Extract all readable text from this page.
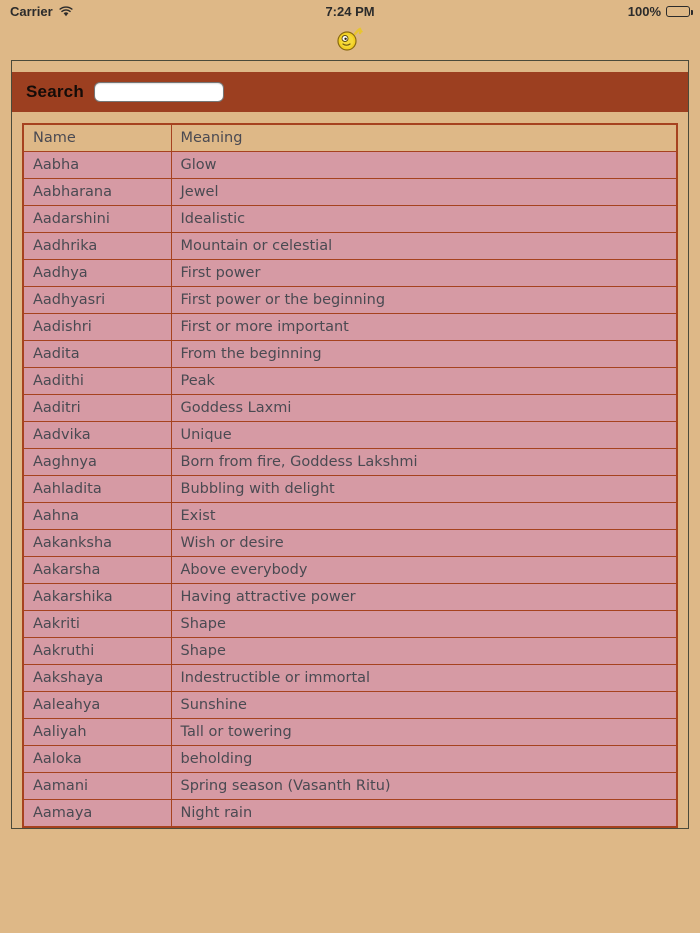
Carrier	7:24 PM	100%
Search
Name	Meaning
Aabha	Glow
Aabharana	Jewel
Aadarshini	Idealistic
Aadhrika	Mountain or celestial
Aadhya	First power
Aadhyasri	First power or the beginning
Aadishri	First or more important
Aadita	From the beginning
Aadithi	Peak
Aaditri	Goddess Laxmi
Aadvika	Unique
Aaghnya	Born from fire, Goddess Lakshmi
Aahladita	Bubbling with delight
Aahna	Exist
Aakanksha	Wish or desire
Aakarsha	Above everybody
Aakarshika	Having attractive power
Aakriti	Shape
Aakruthi	Shape
Aakshaya	Indestructible or immortal
Aaleahya	Sunshine
Aaliyah	Tall or towering
Aaloka	beholding
Aamani	Spring season (Vasanth Ritu)
Aamaya	Night rain
